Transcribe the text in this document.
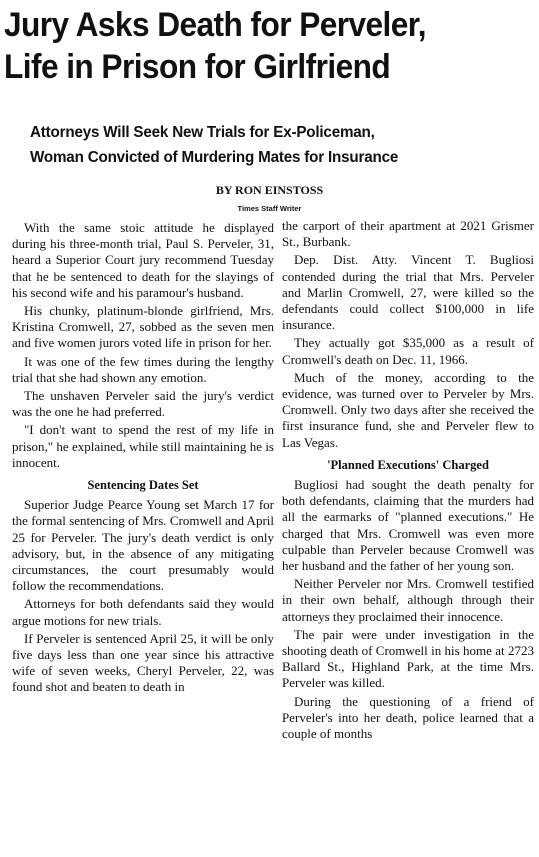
Jury Asks Death for Perveler,
Life in Prison for Girlfriend
Attorneys Will Seek New Trials for Ex-Policeman,
Woman Convicted of Murdering Mates for Insurance
BY RON EINSTOSS
Times Staff Writer

With the same stoic attitude he displayed during his three-month trial, Paul S. Perveler, 31, heard a Superior Court jury recommend Tuesday that he be sentenced to death for the slayings of his second wife and his paramour's husband.

His chunky, platinum-blonde girlfriend, Mrs. Kristina Cromwell, 27, sobbed as the seven men and five women jurors voted life in prison for her.

It was one of the few times during the lengthy trial that she had shown any emotion.

The unshaven Perveler said the jury's verdict was the one he had preferred.

"I don't want to spend the rest of my life in prison," he explained, while still maintaining he is innocent.

Sentencing Dates Set

Superior Judge Pearce Young set March 17 for the formal sentencing of Mrs. Cromwell and April 25 for Perveler. The jury's death verdict is only advisory, but, in the absence of any mitigating circumstances, the court presumably would follow the recommendations.

Attorneys for both defendants said they would argue motions for new trials.

If Perveler is sentenced April 25, it will be only five days less than one year since his attractive wife of seven weeks, Cheryl Perveler, 22, was found shot and beaten to death in

the carport of their apartment at 2021 Grismer St., Burbank.

Dep. Dist. Atty. Vincent T. Bugliosi contended during the trial that Mrs. Perveler and Marlin Cromwell, 27, were killed so the defendants could collect $100,000 in life insurance.

They actually got $35,000 as a result of Cromwell's death on Dec. 11, 1966.

Much of the money, according to the evidence, was turned over to Perveler by Mrs. Cromwell. Only two days after she received the first insurance fund, she and Perveler flew to Las Vegas.

'Planned Executions' Charged

Bugliosi had sought the death penalty for both defendants, claiming that the murders had all the earmarks of "planned executions." He charged that Mrs. Cromwell was even more culpable than Perveler because Cromwell was her husband and the father of her young son.

Neither Perveler nor Mrs. Cromwell testified in their own behalf, although through their attorneys they proclaimed their innocence.

The pair were under investigation in the shooting death of Cromwell in his home at 2723 Ballard St., Highland Park, at the time Mrs. Perveler was killed.

During the questioning of a friend of Perveler's into her death, police learned that a couple of months
